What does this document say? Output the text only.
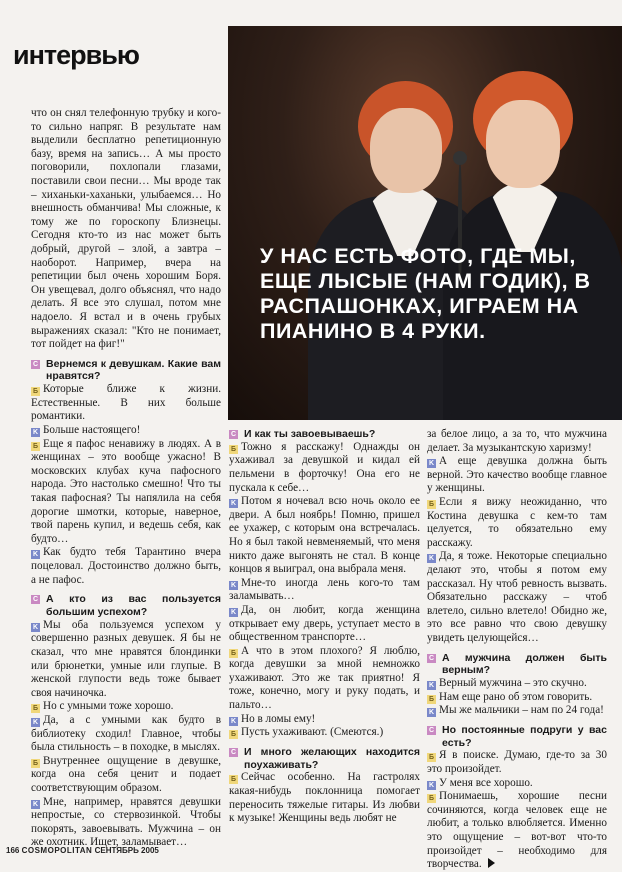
интервью
У НАС ЕСТЬ ФОТО, ГДЕ МЫ, ЕЩЕ ЛЫСЫЕ (НАМ ГОДИК), В РАСПАШОНКАХ, ИГРАЕМ НА ПИАНИНО В 4 РУКИ.

что он снял телефонную трубку и кого-то сильно напряг. В результате нам выделили бесплатно репетиционную базу, время на запись… А мы просто поговорили, похлопали глазами, поставили свои песни… Мы вроде так – хиханьки-хаханьки, улыбаемся… Но внешность обманчива! Мы сложные, к тому же по гороскопу Близнецы. Сегодня кто-то из нас может быть добрый, другой – злой, а завтра – наоборот. Например, вчера на репетиции был очень хорошим Боря. Он увещевал, долго объяснял, что надо делать. Я все это слушал, потом мне надоело. Я встал и в очень грубых выражениях сказал: "Кто не понимает, тот пойдет на фиг!"

C Вернемся к девушкам. Какие вам нравятся?

Б Которые ближе к жизни. Естественные. В них больше романтики.

K Больше настоящего!

Б Еще я пафос ненавижу в людях. А в женщинах – это вообще ужасно! В московских клубах куча пафосного народа. Это настолько смешно! Что ты такая пафосная? Ты напялила на себя дорогие шмотки, которые, наверное, твой парень купил, и ведешь себя, как будто…

K Как будто тебя Тарантино вчера поцеловал. Достоинство должно быть, а не пафос.

C А кто из вас пользуется большим успехом?

K Мы оба пользуемся успехом у совершенно разных девушек. Я бы не сказал, что мне нравятся блондинки или брюнетки, умные или глупые. В женской глупости ведь тоже бывает своя начиночка.

Б Но с умными тоже хорошо.

K Да, а с умными как будто в библиотеку сходил! Главное, чтобы была стильность – в походке, в мыслях.

Б Внутреннее ощущение в девушке, когда она себя ценит и подает соответствующим образом.

K Мне, например, нравятся девушки непростые, со стервозинкой. Чтобы покорять, завоевывать. Мужчина – он же охотник. Ищет, заламывает…

C И как ты завоевываешь?

Б Тожно я расскажу! Однажды он ухаживал за девушкой и кидал ей пельмени в форточку! Она его не пускала к себе…

K Потом я ночевал всю ночь около ее двери. А был ноябрь! Помню, пришел ее ухажер, с которым она встречалась. Но я был такой невменяемый, что меня никто даже выгонять не стал. В конце концов я выиграл, она выбрала меня.

K Мне-то иногда лень кого-то там заламывать…

K Да, он любит, когда женщина открывает ему дверь, уступает место в общественном транспорте…

Б А что в этом плохого? Я люблю, когда девушки за мной немножко ухаживают. Это же так приятно! Я тоже, конечно, могу и руку подать, и пальто…

K Но в ломы ему!

Б Пусть ухаживают. (Смеются.)

C И много желающих находится поухаживать?

Б Сейчас особенно. На гастролях какая-нибудь поклонница помогает переносить тяжелые гитары. Из любви к музыке! Женщины ведь любят не

за белое лицо, а за то, что мужчина делает. За музыкантскую харизму!

K А еще девушка должна быть верной. Это качество вообще главное у женщины.

Б Если я вижу неожиданно, что Костина девушка с кем-то там целуется, то обязательно ему расскажу.

K Да, я тоже. Некоторые специально делают это, чтобы я потом ему рассказал. Ну чтоб ревность вызвать. Обязательно расскажу – чтоб влетело, сильно влетело! Обидно же, это все равно что свою девушку увидеть целующейся…

C А мужчина должен быть верным?

K Верный мужчина – это скучно.

Б Нам еще рано об этом говорить.

K Мы же мальчики – нам по 24 года!

C Но постоянные подруги у вас есть?

Б Я в поиске. Думаю, где-то за 30 это произойдет.

K У меня все хорошо.

Б Понимаешь, хорошие песни сочиняются, когда человек еще не любит, а только влюбляется. Именно это ощущение – вот-вот что-то произойдет – необходимо для творчества.

166 COSMOPOLITAN СЕНТЯБРЬ 2005
